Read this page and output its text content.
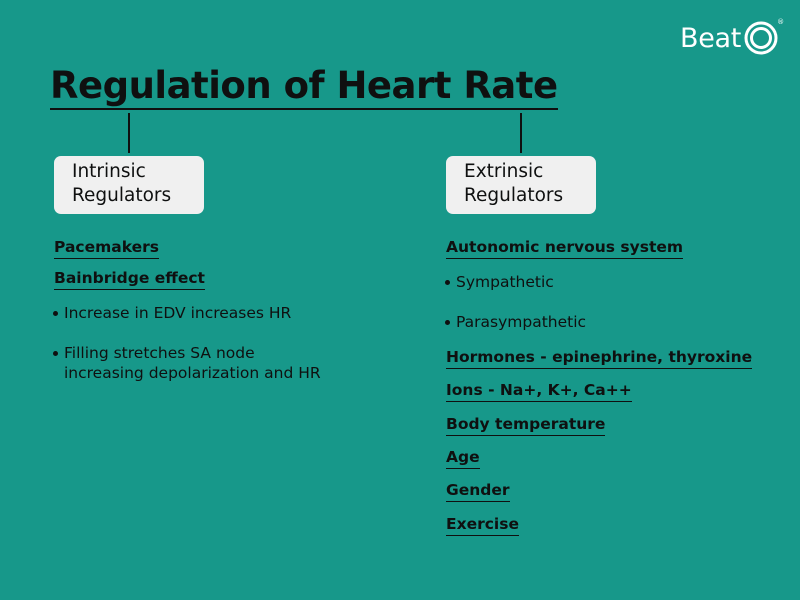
Beat
®
Regulation of Heart Rate
Intrinsic
Regulators
Extrinsic
Regulators
Pacemakers
Bainbridge effect
Increase in EDV increases HR
Filling stretches SA node
increasing depolarization and HR
Autonomic nervous system
Sympathetic
Parasympathetic
Hormones - epinephrine, thyroxine
Ions - Na+, K+, Ca++
Body temperature
Age
Gender
Exercise
